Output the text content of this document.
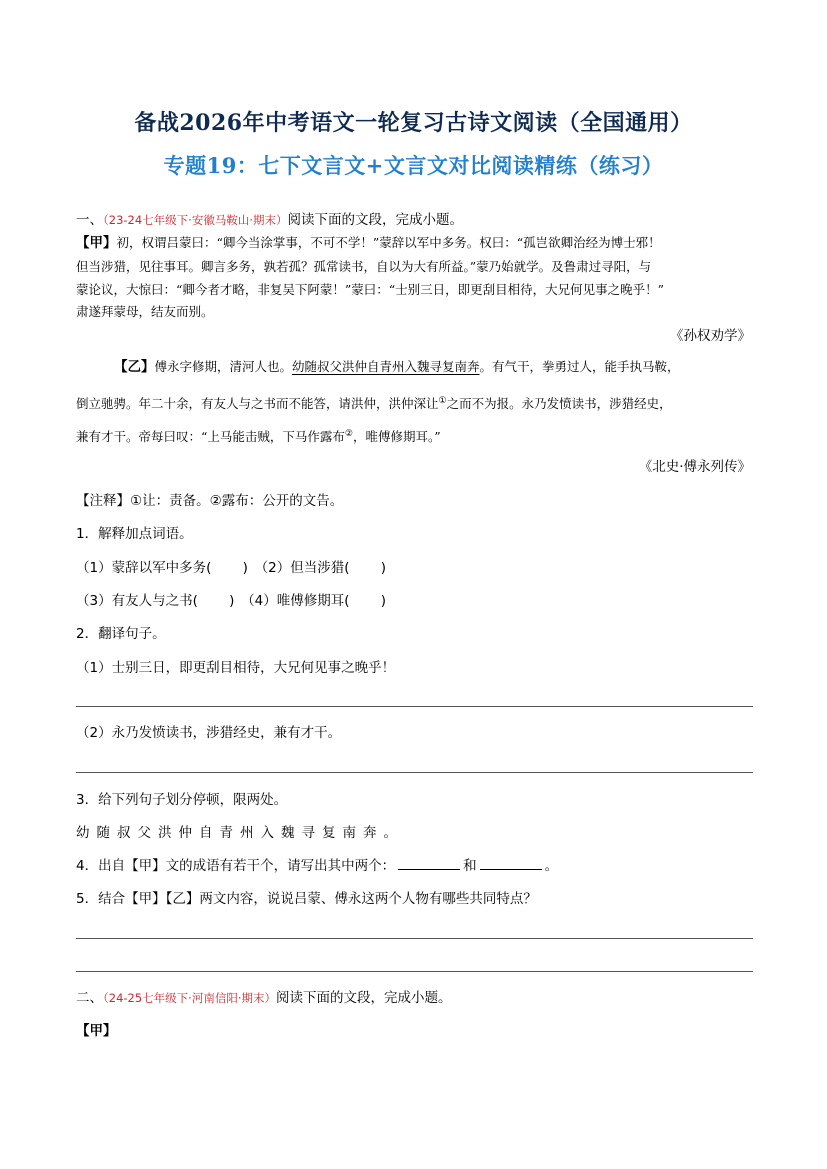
备战2026年中考语文一轮复习古诗文阅读（全国通用）
专题19：七下文言文+文言文对比阅读精练（练习）
一、（23-24七年级下·安徽马鞍山·期末）阅读下面的文段，完成小题。
【甲】初，权谓吕蒙曰：“卿今当涂掌事，不可不学！”蒙辞以军中多务。权曰：“孤岂欲卿治经为博士邪！
但当涉猎，见往事耳。卿言多务，孰若孤？孤常读书，自以为大有所益。”蒙乃始就学。及鲁肃过寻阳，与
蒙论议，大惊曰：“卿今者才略，非复吴下阿蒙！”蒙曰：“士别三日，即更刮目相待，大兄何见事之晚乎！”
肃遂拜蒙母，结友而别。
《孙权劝学》
【乙】傅永字修期，清河人也。幼随叔父洪仲自青州入魏寻复南奔。有气干，拳勇过人，能手执马鞍，
倒立驰骋。年二十余，有友人与之书而不能答，请洪仲，洪仲深让①之而不为报。永乃发愤读书，涉猎经史，
兼有才干。帝每曰叹：“上马能击贼，下马作露布②，唯傅修期耳。”
《北史·傅永列传》
【注释】①让：责备。②露布：公开的文告。
1．解释加点词语。
（1）蒙辞以军中多务(　　 )　（2）但当涉猎(　　 )
（3）有友人与之书(　　 )　（4）唯傅修期耳(　　 )
2．翻译句子。
（1）士别三日，即更刮目相待，大兄何见事之晚乎！
（2）永乃发愤读书，涉猎经史，兼有才干。
3．给下列句子划分停顿，限两处。
幼随叔父洪仲自青州入魏寻复南奔。
4．出自【甲】文的成语有若干个，请写出其中两个：	和	。
5．结合【甲】【乙】两文内容，说说吕蒙、傅永这两个人物有哪些共同特点？
二、（24-25七年级下·河南信阳·期末）阅读下面的文段，完成小题。
【甲】
